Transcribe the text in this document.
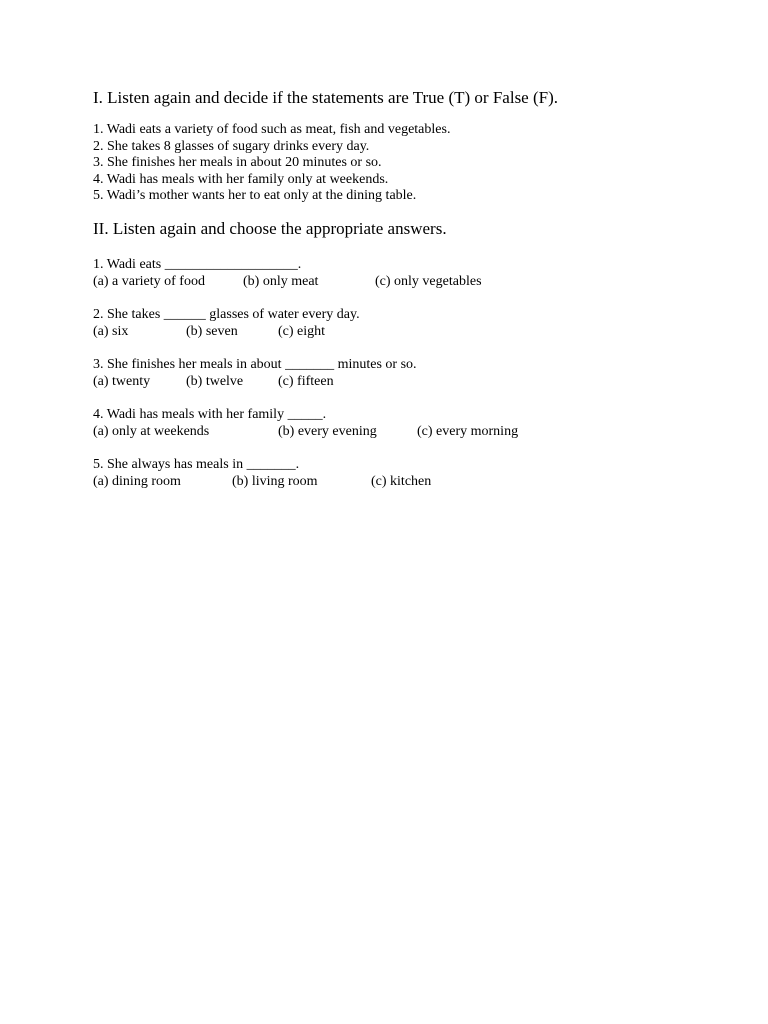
I. Listen again and decide if the statements are True (T) or False (F).

1. Wadi eats a variety of food such as meat, fish and vegetables.
2. She takes 8 glasses of sugary drinks every day.
3. She finishes her meals in about 20 minutes or so.
4. Wadi has meals with her family only at weekends.
5. Wadi’s mother wants her to eat only at the dining table.

II. Listen again and choose the appropriate answers.

1. Wadi eats ___________________.
(a) a variety of food	(b) only meat	(c) only vegetables
2. She takes ______ glasses of water every day.
(a) six	(b) seven	(c) eight
3. She finishes her meals in about _______ minutes or so.
(a) twenty	(b) twelve (c) fifteen
4. Wadi has meals with her family _____.
(a) only at weekends	(b) every evening	(c) every morning
5. She always has meals in _______.
(a) dining room	(b) living room	(c) kitchen
